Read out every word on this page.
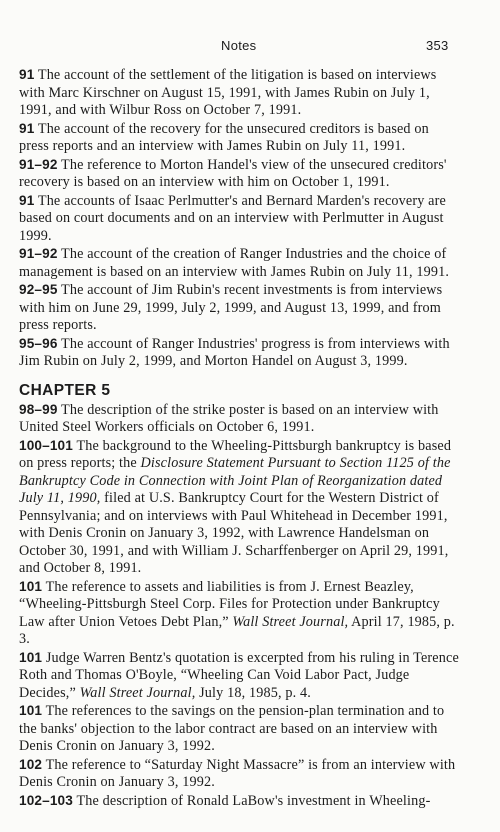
Notes	353

91 The account of the settlement of the litigation is based on interviews with Marc Kirschner on August 15, 1991, with James Rubin on July 1, 1991, and with Wilbur Ross on October 7, 1991.

91 The account of the recovery for the unsecured creditors is based on press reports and an interview with James Rubin on July 11, 1991.

91–92 The reference to Morton Handel's view of the unsecured creditors' recovery is based on an interview with him on October 1, 1991.

91 The accounts of Isaac Perlmutter's and Bernard Marden's recovery are based on court documents and on an interview with Perlmutter in August 1999.

91–92 The account of the creation of Ranger Industries and the choice of management is based on an interview with James Rubin on July 11, 1991.

92–95 The account of Jim Rubin's recent investments is from interviews with him on June 29, 1999, July 2, 1999, and August 13, 1999, and from press reports.

95–96 The account of Ranger Industries' progress is from interviews with Jim Rubin on July 2, 1999, and Morton Handel on August 3, 1999.

CHAPTER 5

98–99 The description of the strike poster is based on an interview with United Steel Workers officials on October 6, 1991.

100–101 The background to the Wheeling-Pittsburgh bankruptcy is based on press reports; the Disclosure Statement Pursuant to Section 1125 of the Bankruptcy Code in Connection with Joint Plan of Reorganization dated July 11, 1990, filed at U.S. Bankruptcy Court for the Western District of Pennsylvania; and on interviews with Paul Whitehead in December 1991, with Denis Cronin on January 3, 1992, with Lawrence Handelsman on October 30, 1991, and with William J. Scharffenberger on April 29, 1991, and October 8, 1991.

101 The reference to assets and liabilities is from J. Ernest Beazley, “Wheeling-Pittsburgh Steel Corp. Files for Protection under Bankruptcy Law after Union Vetoes Debt Plan,” Wall Street Journal, April 17, 1985, p. 3.

101 Judge Warren Bentz's quotation is excerpted from his ruling in Terence Roth and Thomas O'Boyle, “Wheeling Can Void Labor Pact, Judge Decides,” Wall Street Journal, July 18, 1985, p. 4.

101 The references to the savings on the pension-plan termination and to the banks' objection to the labor contract are based on an interview with Denis Cronin on January 3, 1992.

102 The reference to “Saturday Night Massacre” is from an interview with Denis Cronin on January 3, 1992.

102–103 The description of Ronald LaBow's investment in Wheeling-
